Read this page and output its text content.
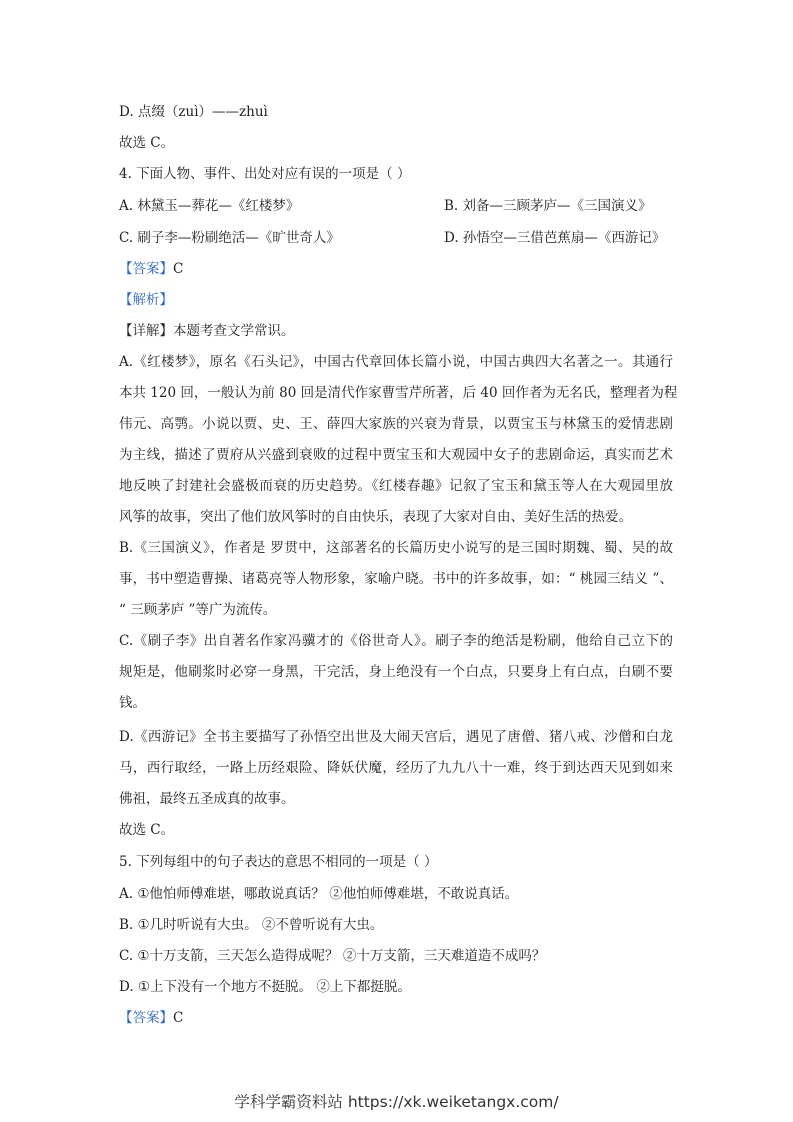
D. 点缀（zuì）——zhuì
故选 C。
4. 下面人物、事件、出处对应有误的一项是（ ）
A. 林黛玉—葬花—《红楼梦》	B. 刘备—三顾茅庐—《三国演义》
C. 刷子李—粉刷绝活—《旷世奇人》	D. 孙悟空—三借芭蕉扇—《西游记》
【答案】C
【解析】
【详解】本题考查文学常识。
A.《红楼梦》，原名《石头记》，中国古代章回体长篇小说，中国古典四大名著之一。其通行
本共 120 回，一般认为前 80 回是清代作家曹雪芹所著，后 40 回作者为无名氏，整理者为程
伟元、高鹗。小说以贾、史、王、薛四大家族的兴衰为背景，以贾宝玉与林黛玉的爱情悲剧
为主线，描述了贾府从兴盛到衰败的过程中贾宝玉和大观园中女子的悲剧命运，真实而艺术
地反映了封建社会盛极而衰的历史趋势。《红楼春趣》记叙了宝玉和黛玉等人在大观园里放
风筝的故事，突出了他们放风筝时的自由快乐，表现了大家对自由、美好生活的热爱。
B.《三国演义》，作者是 罗贯中，这部著名的长篇历史小说写的是三国时期魏、蜀、吴的故
事，书中塑造曹操、诸葛亮等人物形象，家喻户晓。书中的许多故事，如：“ 桃园三结义 ”、
“ 三顾茅庐 ”等广为流传。
C.《刷子李》出自著名作家冯骥才的《俗世奇人》。刷子李的绝活是粉刷，他给自己立下的
规矩是，他刷浆时必穿一身黑，干完活，身上绝没有一个白点，只要身上有白点，白刷不要
钱。
D.《西游记》全书主要描写了孙悟空出世及大闹天宫后，遇见了唐僧、猪八戒、沙僧和白龙
马，西行取经，一路上历经艰险、降妖伏魔，经历了九九八十一难，终于到达西天见到如来
佛祖，最终五圣成真的故事。
故选 C。
5. 下列每组中的句子表达的意思不相同的一项是（ ）
A. ①他怕师傅难堪，哪敢说真话？ ②他怕师傅难堪，不敢说真话。
B. ①几时听说有大虫。 ②不曾听说有大虫。
C. ①十万支箭，三天怎么造得成呢？ ②十万支箭，三天难道造不成吗？
D. ①上下没有一个地方不挺脱。 ②上下都挺脱。
【答案】C
学科学霸资料站 https://xk.weiketangx.com/
